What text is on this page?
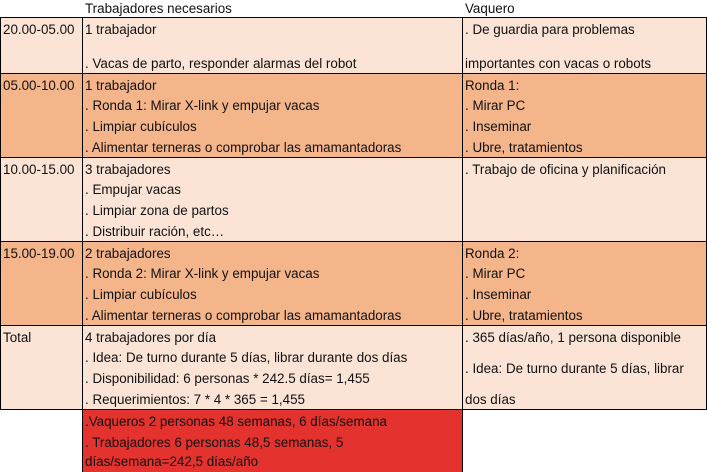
Trabajadores necesarios	Vaquero
20.00-05.00 1 trabajador
. Vacas de parto, responder alarmas del robot
. De guardia para problemas
importantes con vacas o robots
05.00-10.00 1 trabajador
. Ronda 1: Mirar X-link y empujar vacas
. Limpiar cubículos
. Alimentar terneras o comprobar las amamantadoras
Ronda 1:
. Mirar PC
. Inseminar
. Ubre, tratamientos
10.00-15.00 3 trabajadores
. Empujar vacas
. Limpiar zona de partos
. Distribuir ración, etc…
. Trabajo de oficina y planificación
15.00-19.00 2 trabajadores
. Ronda 2: Mirar X-link y empujar vacas
. Limpiar cubículos
. Alimentar terneras o comprobar las amamantadoras
Ronda 2:
. Mirar PC
. Inseminar
. Ubre, tratamientos
Total	4 trabajadores por día
. Idea: De turno durante 5 días, librar durante dos días
. Disponibilidad: 6 personas * 242.5 días= 1,455
. Requerimientos: 7 * 4 * 365 = 1,455
. 365 días/año, 1 persona disponible
. Idea: De turno durante 5 días, librar
dos días
.Vaqueros 2 personas 48 semanas, 6 días/semana
. Trabajadores 6 personas 48,5 semanas, 5
días/semana=242,5 días/año
